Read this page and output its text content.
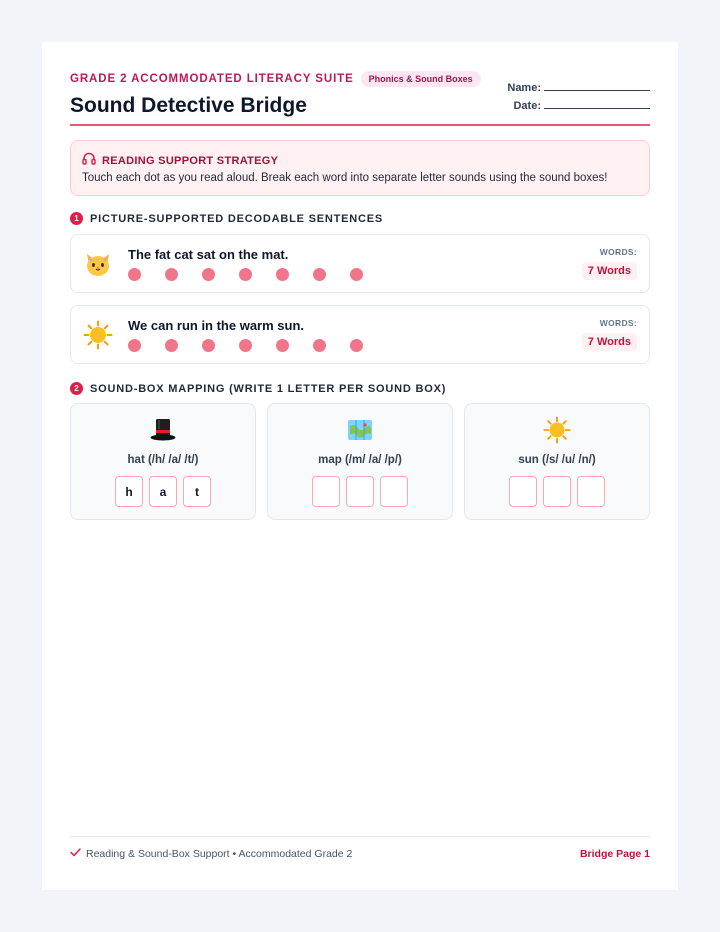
GRADE 2 ACCOMMODATED LITERACY SUITE	Phonics & Sound Boxes
Sound Detective Bridge
Name:
Date:
READING SUPPORT STRATEGY
Touch each dot as you read aloud. Break each word into separate letter sounds using the sound boxes!
1	PICTURE-SUPPORTED DECODABLE SENTENCES
The fat cat sat on the mat.	WORDS:
7 Words
We can run in the warm sun.	WORDS:
7 Words
2	SOUND-BOX MAPPING (WRITE 1 LETTER PER SOUND BOX)
hat (/h/ /a/ /t/)
h	a	t
map (/m/ /a/ /p/)	sun (/s/ /u/ /n/)
Reading & Sound-Box Support • Accommodated Grade 2	Bridge Page 1
